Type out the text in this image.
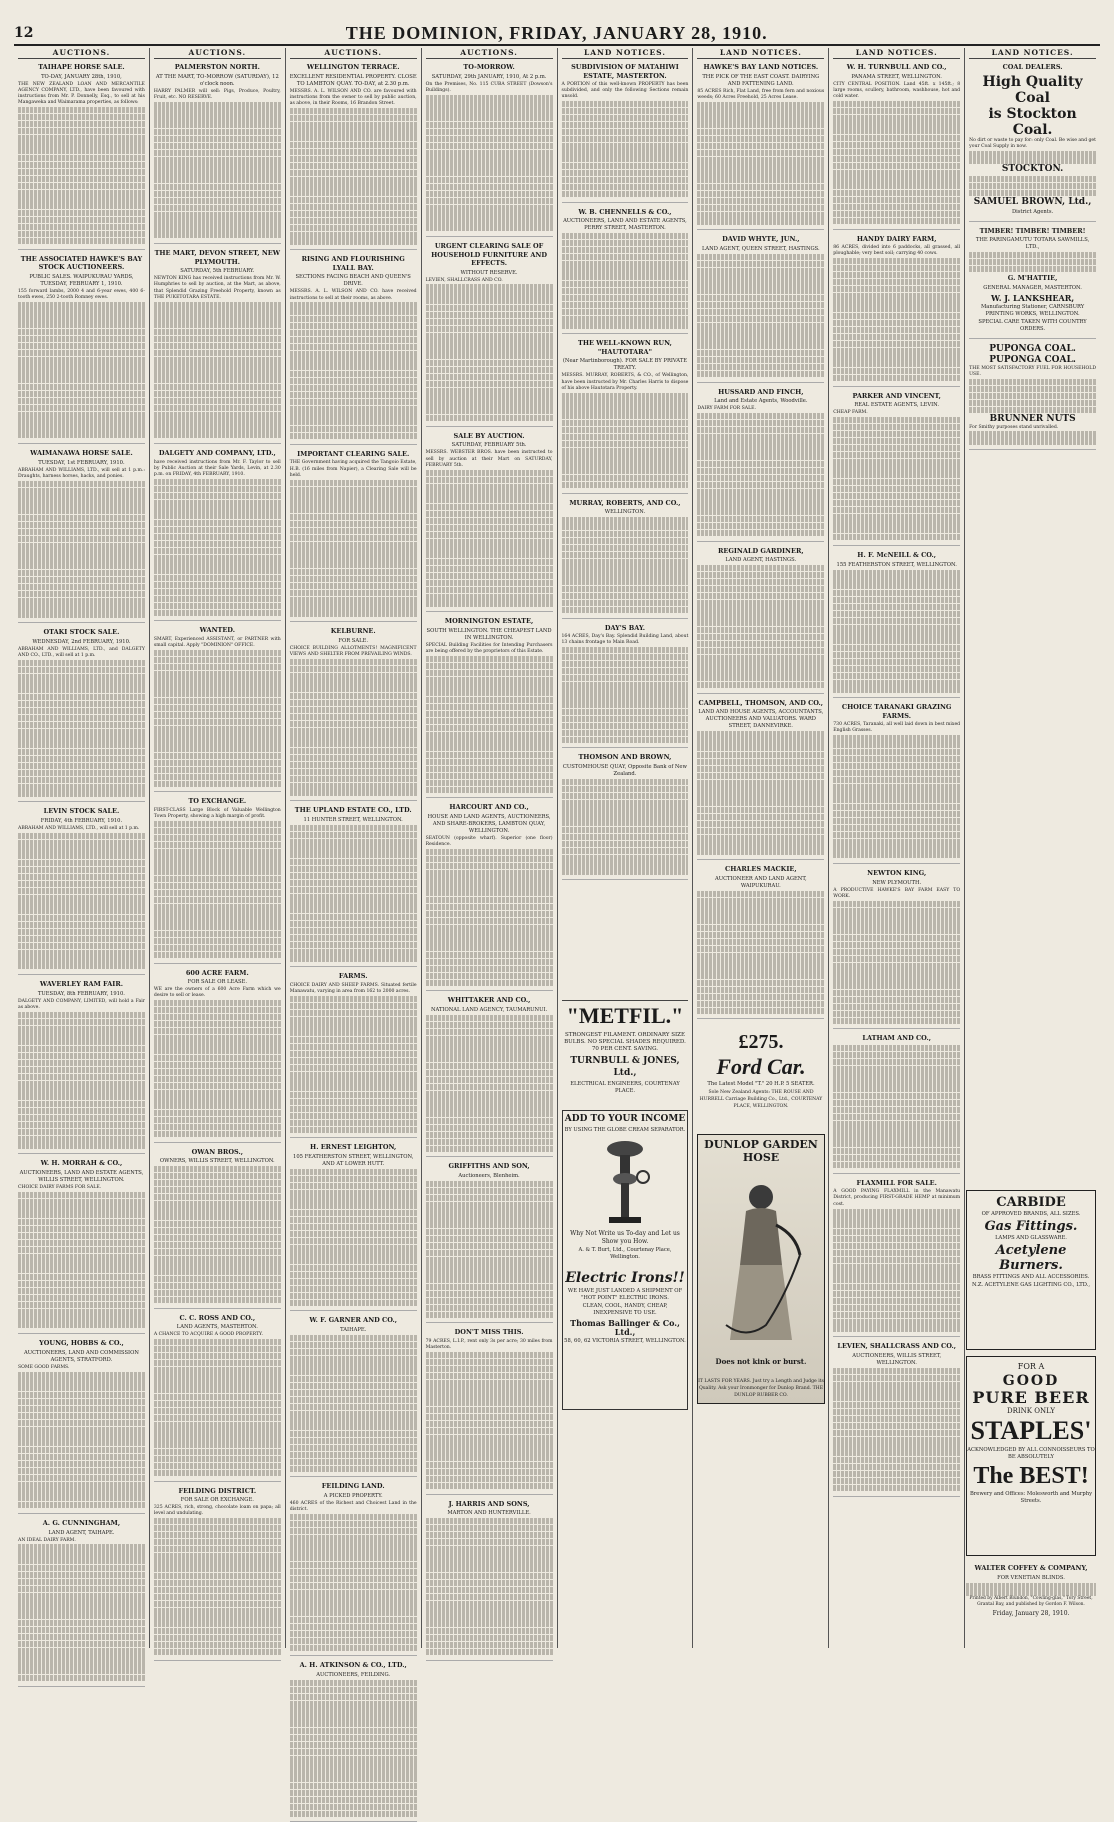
12	THE DOMINION, FRIDAY, JANUARY 28, 1910.
AUCTIONS.
TAIHAPE HORSE SALE.
TO-DAY, JANUARY 28th, 1910,
THE NEW ZEALAND LOAN AND MERCANTILE AGENCY COMPANY, LTD., have been favoured with instructions from Mr. P. Donnelly, Esq., to sell at his Mangaweka and Waimarama properties, as follows:
THE ASSOCIATED HAWKE'S BAY STOCK AUCTIONEERS.
PUBLIC SALES. WAIPUKURAU YARDS, TUESDAY, FEBRUARY 1, 1910.
155 forward lambs, 2000 4 and 6-year ewes, 400 6-tooth ewes, 250 2-tooth Romney ewes.
WAIMANAWA HORSE SALE.
TUESDAY, 1st FEBRUARY, 1910.
ABRAHAM AND WILLIAMS, LTD., will sell at 1 p.m.: Draughts, harness horses, hacks, and ponies.
OTAKI STOCK SALE.
WEDNESDAY, 2nd FEBRUARY, 1910.
ABRAHAM AND WILLIAMS, LTD., and DALGETY AND CO., LTD., will sell at 1 p.m.
LEVIN STOCK SALE.
FRIDAY, 4th FEBRUARY, 1910.
ABRAHAM AND WILLIAMS, LTD., will sell at 1 p.m.
WAVERLEY RAM FAIR.
TUESDAY, 8th FEBRUARY, 1910.
DALGETY AND COMPANY, LIMITED, will hold a Fair as above.
W. H. MORRAH & CO.,
AUCTIONEERS, LAND AND ESTATE AGENTS, WILLIS STREET, WELLINGTON.
CHOICE DAIRY FARMS FOR SALE.
YOUNG, HOBBS & CO.,
AUCTIONEERS, LAND AND COMMISSION AGENTS, STRATFORD.
SOME GOOD FARMS.
A. G. CUNNINGHAM,
LAND AGENT, TAIHAPE.
AN IDEAL DAIRY FARM.
AUCTIONS.
PALMERSTON NORTH.
AT THE MART, TO-MORROW (SATURDAY), 12 o'clock noon.
HARRY PALMER will sell: Pigs, Produce, Poultry, Fruit, etc. NO RESERVE.
THE MART, DEVON STREET, NEW PLYMOUTH.
SATURDAY, 5th FEBRUARY.
NEWTON KING has received instructions from Mr. W. Humphries to sell by auction, at the Mart, as above, that Splendid Grazing Freehold Property, known as THE PUKETOTARA ESTATE.
DALGETY AND COMPANY, LTD.,
have received instructions from Mr. F. Taylor to sell by Public Auction at their Sale Yards, Levin, at 2.30 p.m. on FRIDAY, 4th FEBRUARY, 1910.
WANTED.
SMART, Experienced ASSISTANT, or PARTNER with small capital. Apply "DOMINION" OFFICE.
TO EXCHANGE.
FIRST-CLASS Large Block of Valuable Wellington Town Property, showing a high margin of profit.
600 ACRE FARM.
FOR SALE OR LEASE.
WE are the owners of a 600 Acre Farm which we desire to sell or lease.
OWAN BROS.,
OWNERS, WILLIS STREET, WELLINGTON.
C. C. ROSS AND CO.,
LAND AGENTS, MASTERTON.
A CHANCE TO ACQUIRE A GOOD PROPERTY.
FEILDING DISTRICT.
FOR SALE OR EXCHANGE.
325 ACRES, rich, strong, chocolate loam on papa; all level and undulating.
AUCTIONS.
WELLINGTON TERRACE.
EXCELLENT RESIDENTIAL PROPERTY. CLOSE TO LAMBTON QUAY. TO-DAY, at 2.30 p.m.
MESSRS. A. L. WILSON AND CO. are favoured with instructions from the owner to sell by public auction, as above, in their Rooms, 16 Brandon Street.
RISING AND FLOURISHING LYALL BAY.
SECTIONS FACING BEACH AND QUEEN'S DRIVE.
MESSRS. A. L. WILSON AND CO. have received instructions to sell at their rooms, as above.
IMPORTANT CLEARING SALE.
THE Government having acquired the Tangoio Estate, H.B. (16 miles from Napier), a Clearing Sale will be held.
KELBURNE.
FOR SALE.
CHOICE BUILDING ALLOTMENTS! MAGNIFICENT VIEWS AND SHELTER FROM PREVAILING WINDS.
THE UPLAND ESTATE CO., LTD.
11 HUNTER STREET, WELLINGTON.
FARMS.
CHOICE DAIRY AND SHEEP FARMS. Situated fertile Manawatu, varying in area from 162 to 2000 acres.
H. ERNEST LEIGHTON,
105 FEATHERSTON STREET, WELLINGTON, AND AT LOWER HUTT.
W. F. GARNER AND CO.,
TAIHAPE.
FEILDING LAND.
A PICKED PROPERTY.
460 ACRES of the Richest and Choicest Land in the district.
A. H. ATKINSON & CO., LTD.,
AUCTIONEERS, FEILDING.
AUCTIONS.
TO-MORROW.
SATURDAY, 29th JANUARY, 1910, At 2 p.m.
On the Premises, No. 115 CUBA STREET (Dowson's Buildings).
URGENT CLEARING SALE OF HOUSEHOLD FURNITURE AND EFFECTS.
WITHOUT RESERVE.
LEVIEN, SHALLCRASS AND CO.
SALE BY AUCTION.
SATURDAY, FEBRUARY 5th.
MESSRS. WEBSTER BROS. have been instructed to sell by auction at their Mart on SATURDAY, FEBRUARY 5th.
MORNINGTON ESTATE,
SOUTH WELLINGTON. THE CHEAPEST LAND IN WELLINGTON.
SPECIAL Building Facilities for Intending Purchasers are being offered by the proprietors of this Estate.
HARCOURT AND CO.,
HOUSE AND LAND AGENTS, AUCTIONEERS, AND SHARE-BROKERS, LAMBTON QUAY, WELLINGTON.
SEATOUN (opposite wharf). Superior (one floor) Residence.
WHITTAKER AND CO.,
NATIONAL LAND AGENCY, TAUMARUNUI.
GRIFFITHS AND SON,
Auctioneers, Blenheim.
DON'T MISS THIS.
79 ACRES, L.I.P., rent only 3s per acre; 30 miles from Masterton.
J. HARRIS AND SONS,
MARTON AND HUNTERVILLE.
LAND NOTICES.
SUBDIVISION OF MATAHIWI ESTATE, MASTERTON.
A PORTION of this well-known PROPERTY has been subdivided, and only the following Sections remain unsold.
W. B. CHENNELLS & CO.,
AUCTIONEERS, LAND AND ESTATE AGENTS, PERRY STREET, MASTERTON.
THE WELL-KNOWN RUN, "HAUTOTARA"
(Near Martinborough). FOR SALE BY PRIVATE TREATY.
MESSRS. MURRAY, ROBERTS, & CO., of Wellington, have been instructed by Mr. Charles Harris to dispose of his above Hautotara Property.
MURRAY, ROBERTS, AND CO.,
WELLINGTON.
DAY'S BAY.
164 ACRES, Day's Bay. Splendid Building Land, about 13 chains frontage to Main Road.
THOMSON AND BROWN,
CUSTOMHOUSE QUAY, Opposite Bank of New Zealand.
LAND NOTICES.
HAWKE'S BAY LAND NOTICES.
THE PICK OF THE EAST COAST. DAIRYING AND FATTENING LAND.
85 ACRES Rich, Flat Land, free from fern and noxious weeds; 60 Acres Freehold, 25 Acres Lease.
DAVID WHYTE, JUN.,
LAND AGENT, QUEEN STREET, HASTINGS.
HUSSARD AND FINCH,
Land and Estate Agents, Woodville.
DAIRY FARM FOR SALE.
REGINALD GARDINER,
LAND AGENT, HASTINGS.
CAMPBELL, THOMSON, AND CO.,
LAND AND HOUSE AGENTS, ACCOUNTANTS, AUCTIONEERS AND VALUATORS. WARD STREET, DANNEVIRKE.
CHARLES MACKIE,
AUCTIONEER AND LAND AGENT, WAIPUKURAU.
LAND NOTICES.
W. H. TURNBULL AND CO.,
PANAMA STREET, WELLINGTON.
CITY CENTRAL POSITION. Land 45ft. x 145ft.; 8 large rooms, scullery, bathroom, washhouse, hot and cold water.
HANDY DAIRY FARM,
86 ACRES, divided into 6 paddocks, all grassed, all ploughable; very best soil; carrying 40 cows.
PARKER AND VINCENT,
REAL ESTATE AGENTS, LEVIN.
CHEAP FARM.
H. F. McNEILL & CO.,
155 FEATHERSTON STREET, WELLINGTON.
CHOICE TARANAKI GRAZING FARMS.
730 ACRES, Taranaki, all well laid down in best mixed English Grasses.
NEWTON KING,
NEW PLYMOUTH.
A PRODUCTIVE HAWKE'S BAY FARM EASY TO WORK.
LATHAM AND CO.,
FLAXMILL FOR SALE.
A GOOD PAYING FLAXMILL in the Manawatu District, producing FIRST-GRADE HEMP at minimum cost.
LEVIEN, SHALLCRASS AND CO.,
AUCTIONEERS, WILLIS STREET, WELLINGTON.
LAND NOTICES.
COAL DEALERS.
High Quality Coal
is Stockton Coal.
No dirt or waste to pay for: only Coal. Be wise and get your Coal Supply in now.
STOCKTON.
SAMUEL BROWN, Ltd.,
District Agents.
TIMBER! TIMBER! TIMBER!
THE PARINGAMUTU TOTARA SAWMILLS, LTD.,
G. M'HATTIE,
GENERAL MANAGER, MASTERTON.
W. J. LANKSHEAR,
Manufacturing Stationer, CARNSBURY PRINTING WORKS, WELLINGTON.
SPECIAL CARE TAKEN WITH COUNTRY ORDERS.
PUPONGA COAL.
PUPONGA COAL.
THE MOST SATISFACTORY FUEL FOR HOUSEHOLD USE.
BRUNNER NUTS
For Smithy purposes stand unrivalled.
CARBIDE
OF APPROVED BRANDS, ALL SIZES.
Gas Fittings.
LAMPS AND GLASSWARE.
Acetylene
Burners.
BRASS FITTINGS AND ALL ACCESSORIES.
N.Z. ACETYLENE GAS LIGHTING CO., LTD.,
FOR A
GOOD
PURE BEER
DRINK ONLY
STAPLES'
ACKNOWLEDGED BY ALL CONNOISSEURS TO BE ABSOLUTELY
The BEST!
Brewery and Offices: Molesworth and Murphy Streets.
WALTER COFFEY & COMPANY,
FOR VENETIAN BLINDS.
Printed by Albert Blundon, "Cowling-glas," Tory Street, Grantal Bay, and published by Gordon F. Wilson.
Friday, January 28, 1910.
"METFIL."
STRONGEST FILAMENT. ORDINARY SIZE BULBS. NO SPECIAL SHADES REQUIRED. 70 PER CENT. SAVING.
TURNBULL & JONES, Ltd.,
ELECTRICAL ENGINEERS, COURTENAY PLACE.
ADD TO YOUR INCOME
BY USING THE GLOBE CREAM SEPARATOR.
Why Not Write us To-day and Let us Show you How.
A. & T. Burt, Ltd., Courtenay Place, Wellington.
Electric Irons!!
WE HAVE JUST LANDED A SHIPMENT OF "HOT POINT" ELECTRIC IRONS.
CLEAN, COOL, HANDY, CHEAP, INEXPENSIVE TO USE.
Thomas Ballinger & Co., Ltd.,
58, 60, 62 VICTORIA STREET, WELLINGTON.
£275.
Ford Car.
The Latest Model "T." 20 H.P. 5 SEATER.
Sole New Zealand Agents: THE ROUSE AND HURRELL Carriage Building Co., Ltd., COURTENAY PLACE, WELLINGTON.
DUNLOP GARDEN HOSE
Does not kink or burst.
IT LASTS FOR YEARS. Just try a Length and Judge its Quality. Ask your Ironmonger for Dunlop Brand. THE DUNLOP RUBBER CO.
